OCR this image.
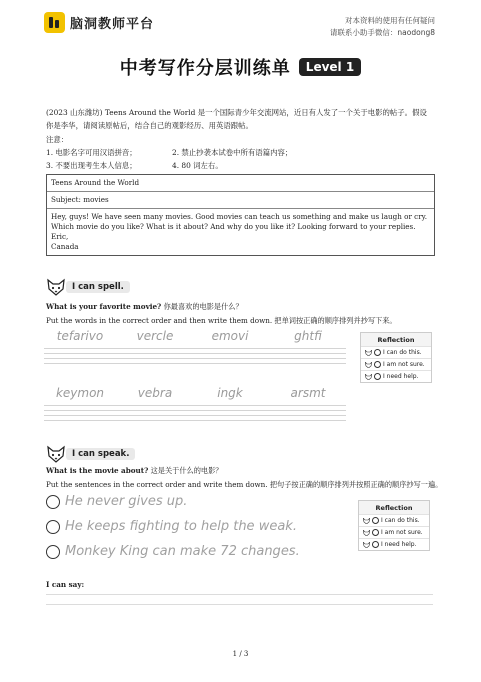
脑洞教师平台	对本资料的使用有任何疑问
请联系小助手微信：naodong8
中考写作分层训练单 Level 1
(2023 山东潍坊) Teens Around the World 是一个国际青少年交流网站，近日有人发了一个关于电影的帖子。假设你是李华，请阅读原帖后，结合自己的观影经历、用英语跟帖。
注意：
1. 电影名字可用汉语拼音；	2. 禁止抄袭本试卷中所有语篇内容；
3. 不要出现考生本人信息；	4. 80 词左右。
Teens Around the World
Subject: movies
Hey, guys! We have seen many movies. Good movies can teach us something and make us laugh or cry. Which movie do you like? What is it about? And why do you like it? Looking forward to your replies.
Eric,
Canada
I can spell.
What is your favorite movie? 你最喜欢的电影是什么？
Put the words in the correct order and then write them down. 把单词按正确的顺序排列并抄写下来。
tefarivo	vercle	emovi	ghtfi
keymon	vebra	ingk	arsmt
Reflection
I can do this.
I am not sure.
I need help.
I can speak.
What is the movie about? 这是关于什么的电影？
Put the sentences in the correct order and write them down. 把句子按正确的顺序排列并按照正确的顺序抄写一遍。
He never gives up.
He keeps fighting to help the weak.
Monkey King can make 72 changes.
Reflection
I can do this.
I am not sure.
I need help.
I can say:
1 / 3
